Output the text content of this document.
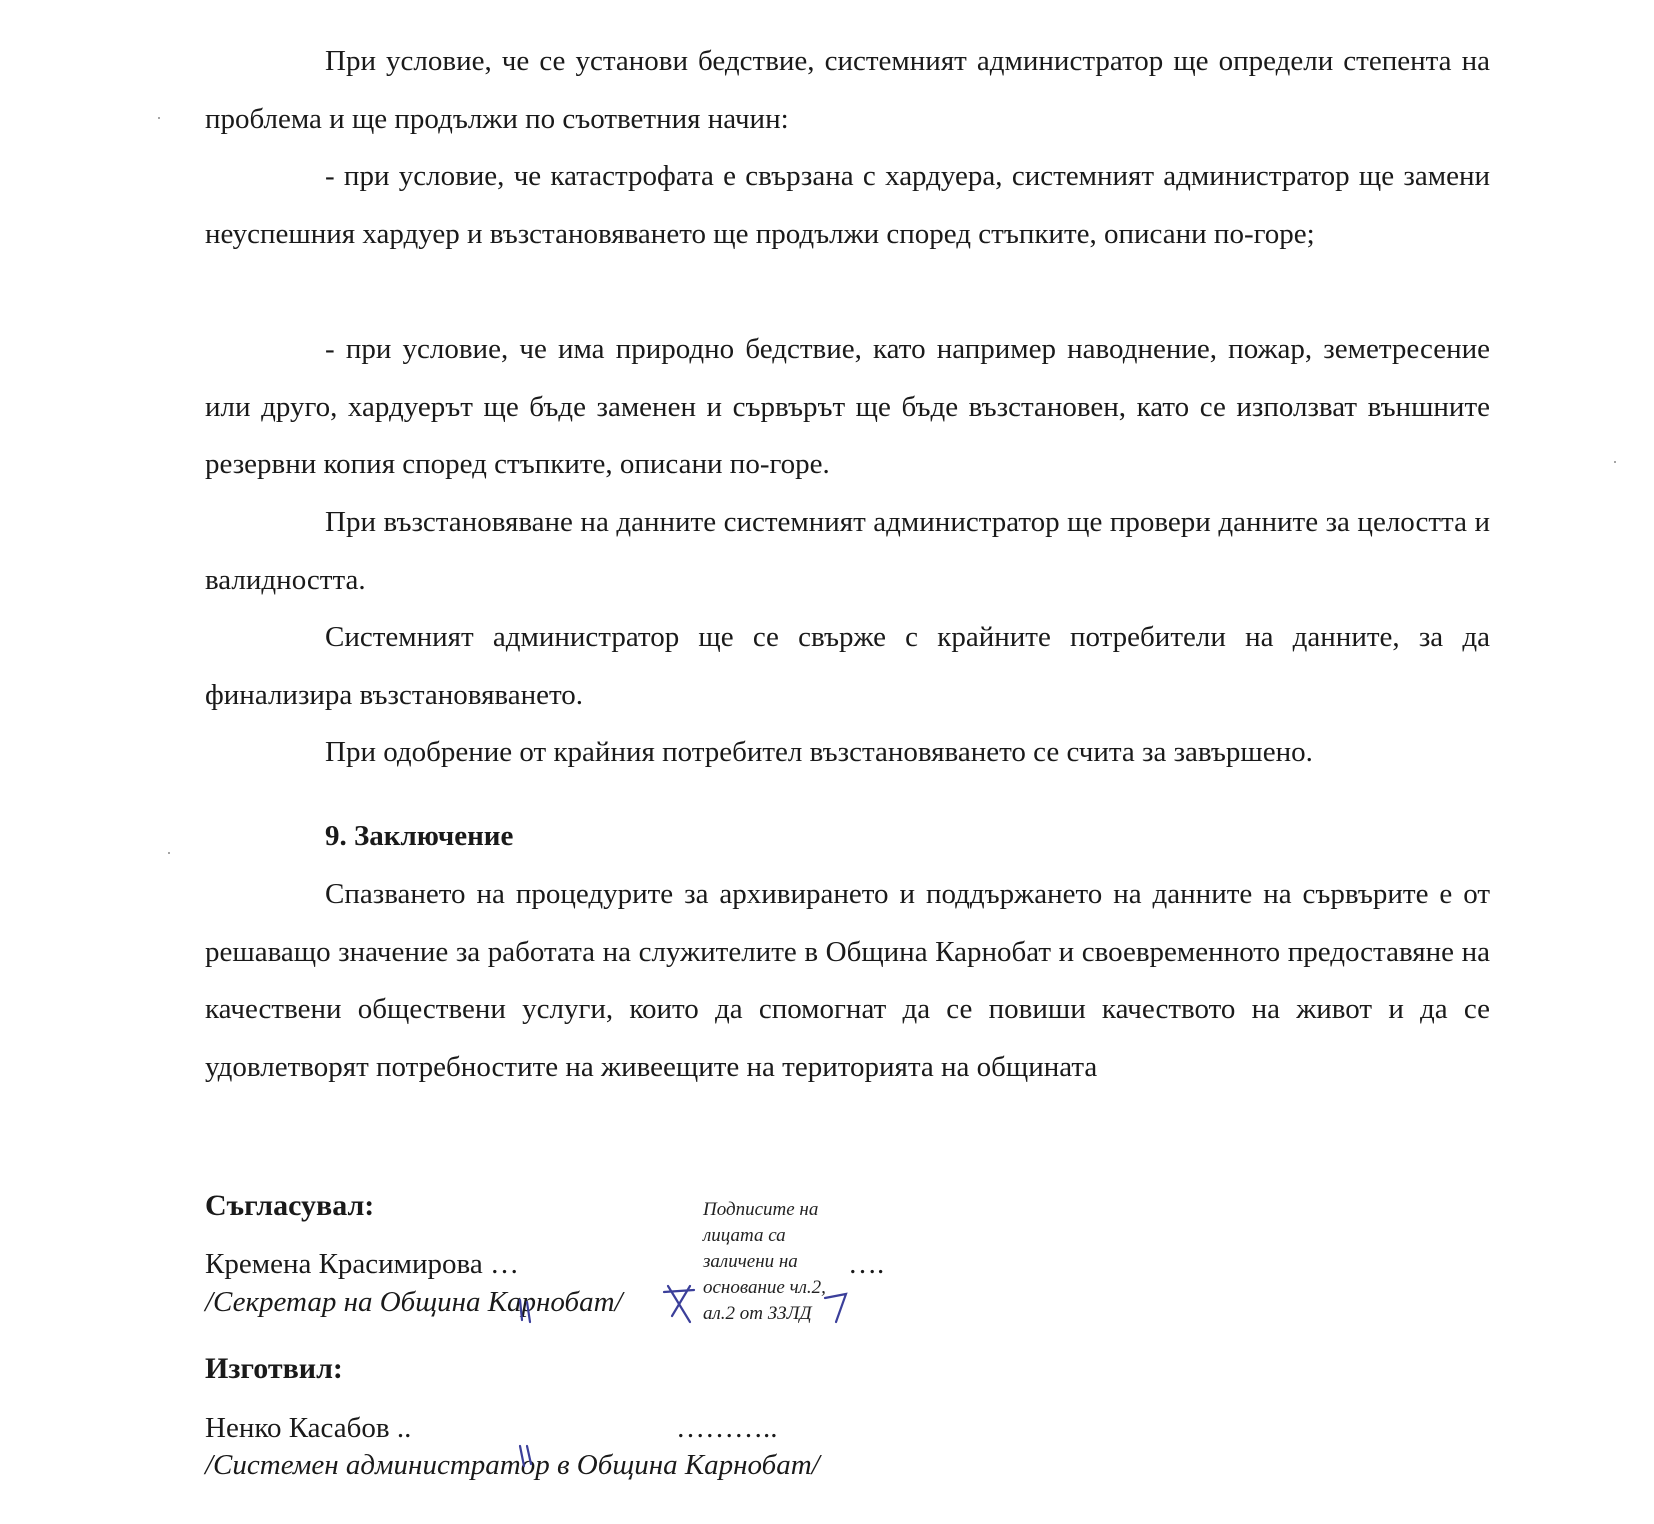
При условие, че се установи бедствие, системният администратор ще определи степента на проблема и ще продължи по съответния начин:

- при условие, че катастрофата е свързана с хардуера, системният администратор ще замени неуспешния хардуер и възстановяването ще продължи според стъпките, описани по-горе;

- при условие, че има природно бедствие, като например наводнение, пожар, земетресение или друго, хардуерът ще бъде заменен и сървърът ще бъде възстановен, като се използват външните резервни копия според стъпките, описани по-горе.

При възстановяване на данните системният администратор ще провери данните за целостта и валидността.

Системният администратор ще се свърже с крайните потребители на данните, за да финализира възстановяването.

При одобрение от крайния потребител възстановяването се счита за завършено.

9. Заключение

Спазването на процедурите за архивирането и поддържането на данните на сървърите е от решаващо значение за работата на служителите в Община Карнобат и своевременното предоставяне на качествени обществени услуги, които да спомогнат да се повиши качеството на живот и да се удовлетворят потребностите на живеещите на територията на общината

Съгласувал:

Кремена Красимирова …	….

/Секретар на Община Карнобат/

Изготвил:

Ненко Касабов ..	………..

/Системен администратор в Община Карнобат/

Подписите на лицата са заличени на основание чл.2, ал.2 от ЗЗЛД
